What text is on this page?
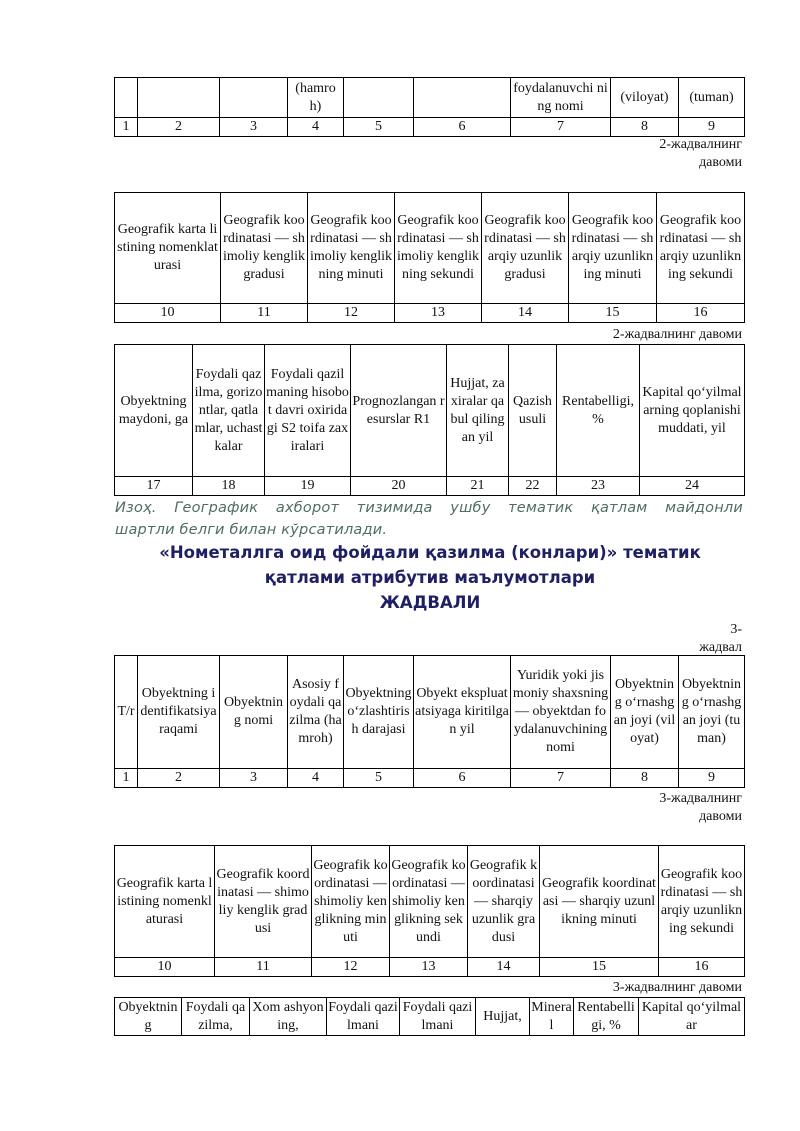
			(hamro h)			foydalanuvchi ning nomi	(viloyat)	(tuman)
1	2	3	4	5	6	7	8	9
2-жадвалнинг давоми
Geografik karta listining nomenklaturasi	Geografik koordinatasi — shimoliy kenglik gradusi	Geografik koordinatasi — shimoliy kenglikning minuti	Geografik koordinatasi — shimoliy kenglikning sekundi	Geografik koordinatasi — sharqiy uzunlik gradusi	Geografik koordinatasi — sharqiy uzunlikning minuti	Geografik koordinatasi — sharqiy uzunlikning sekundi
10	11	12	13	14	15	16
2-жадвалнинг давоми
Obyektning maydoni, ga	Foydali qazilma, gorizontlar, qatlamlar, uchastkalar	Foydali qazilmaning hisobot davri oxiridagi S2 toifa zaxiralari	Prognozlangan resurslar R1	Hujjat, zaxiralar qabul qilingan yil	Qazish usuli	Rentabelligi, %	Kapital qo‘yilmalarning qoplanishi muddati, yil
17	18	19	20	21	22	23	24
Изоҳ. Географик ахборот тизимида ушбу тематик қатлам майдонли
шартли белги билан кўрсатилади.
«Нометаллга оид фойдали қазилма (конлари)» тематик
қатлами атрибутив маълумотлари
ЖАДВАЛИ
3-жадвал
T/r	Obyektning identifikatsiya raqami	Obyektning nomi	Asosiy foydali qazilma (hamroh)	Obyektning o‘zlashtirish darajasi	Obyekt ekspluatatsiyaga kiritilgan yil	Yuridik yoki jismoniy shaxsning — obyektdan foydalanuvchining nomi	Obyektning o‘rnashgan joyi (viloyat)	Obyektning o‘rnashgan joyi (tuman)
1	2	3	4	5	6	7	8	9
3-жадвалнинг давоми
Geografik karta listining nomenklaturasi	Geografik koordinatasi — shimoliy kenglik gradusi	Geografik koordinatasi — shimoliy kenglikning minuti	Geografik koordinatasi — shimoliy kenglikning sekundi	Geografik koordinatasi — sharqiy uzunlik gradusi	Geografik koordinatasi — sharqiy uzunlikning minuti	Geografik koordinatasi — sharqiy uzunlikning sekundi
10	11	12	13	14	15	16
3-жадвалнинг давоми
Obyektning	Foydali qazilma,	Xom ashyoning,	Foydali qazilmani	Foydali qazilmani	Hujjat,	Mineral	Rentabelligi, %	Kapital qo‘yilmalar
